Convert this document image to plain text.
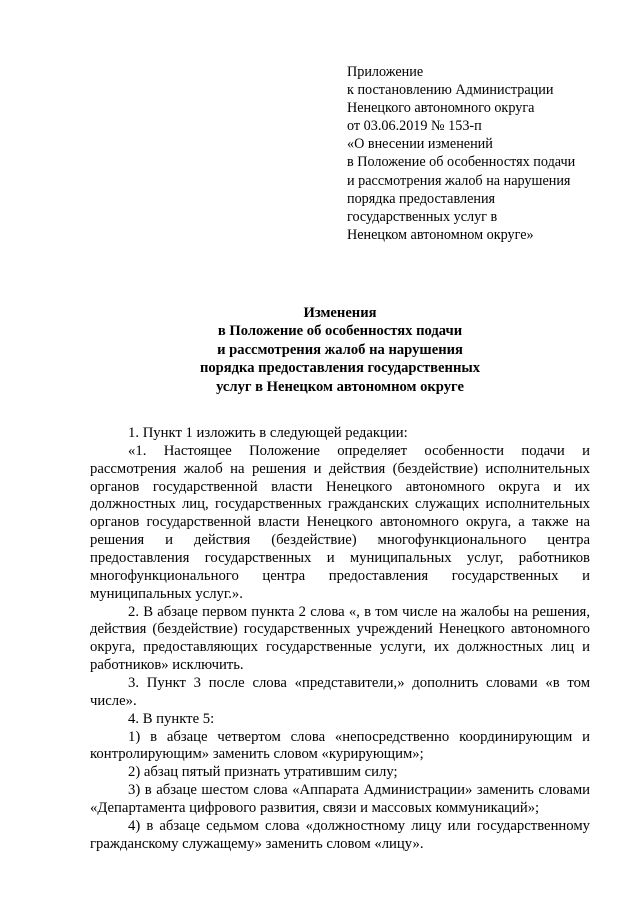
Приложение
к постановлению Администрации
Ненецкого автономного округа
от 03.06.2019 № 153-п
«О внесении изменений
в Положение об особенностях подачи
и рассмотрения жалоб на нарушения
порядка предоставления
государственных услуг в
Ненецком автономном округе»
Изменения
в Положение об особенностях подачи
и рассмотрения жалоб на нарушения
порядка предоставления государственных
услуг в Ненецком автономном округе

1. Пункт 1 изложить в следующей редакции:

«1. Настоящее Положение определяет особенности подачи и рассмотрения жалоб на решения и действия (бездействие) исполнительных органов государственной власти Ненецкого автономного округа и их должностных лиц, государственных гражданских служащих исполнительных органов государственной власти Ненецкого автономного округа, а также на решения и действия (бездействие) многофункционального центра предоставления государственных и муниципальных услуг, работников многофункционального центра предоставления государственных и муниципальных услуг.».

2. В абзаце первом пункта 2 слова «, в том числе на жалобы на решения, действия (бездействие) государственных учреждений Ненецкого автономного округа, предоставляющих государственные услуги, их должностных лиц и работников» исключить.

3. Пункт 3 после слова «представители,» дополнить словами «в том числе».

4. В пункте 5:

1) в абзаце четвертом слова «непосредственно координирующим и контролирующим» заменить словом «курирующим»;

2) абзац пятый признать утратившим силу;

3) в абзаце шестом слова «Аппарата Администрации» заменить словами «Департамента цифрового развития, связи и массовых коммуникаций»;

4) в абзаце седьмом слова «должностному лицу или государственному гражданскому служащему» заменить словом «лицу».
